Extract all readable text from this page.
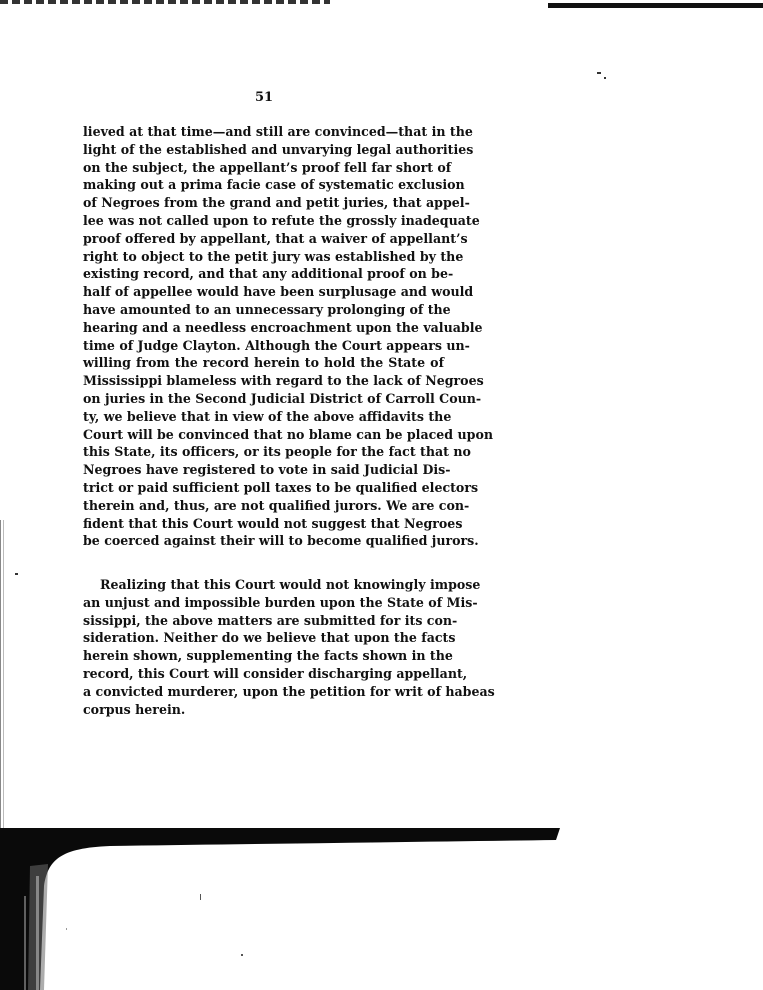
51
lieved at that time—and still are convinced—that in the
light of the established and unvarying legal authorities
on the subject, the appellant’s proof fell far short of
making out a prima facie case of systematic exclusion
of Negroes from the grand and petit juries, that appel-
lee was not called upon to refute the grossly inadequate
proof offered by appellant, that a waiver of appellant’s
right to object to the petit jury was established by the
existing record, and that any additional proof on be-
half of appellee would have been surplusage and would
have amounted to an unnecessary prolonging of the
hearing and a needless encroachment upon the valuable
time of Judge Clayton. Although the Court appears un-
willing from the record herein to hold the State of
Mississippi blameless with regard to the lack of Negroes
on juries in the Second Judicial District of Carroll Coun-
ty, we believe that in view of the above affidavits the
Court will be convinced that no blame can be placed upon
this State, its officers, or its people for the fact that no
Negroes have registered to vote in said Judicial Dis-
trict or paid sufficient poll taxes to be qualified electors
therein and, thus, are not qualified jurors. We are con-
fident that this Court would not suggest that Negroes
be coerced against their will to become qualified jurors.
Realizing that this Court would not knowingly impose
an unjust and impossible burden upon the State of Mis-
sissippi, the above matters are submitted for its con-
sideration. Neither do we believe that upon the facts
herein shown, supplementing the facts shown in the
record, this Court will consider discharging appellant,
a convicted murderer, upon the petition for writ of habeas
corpus herein.
